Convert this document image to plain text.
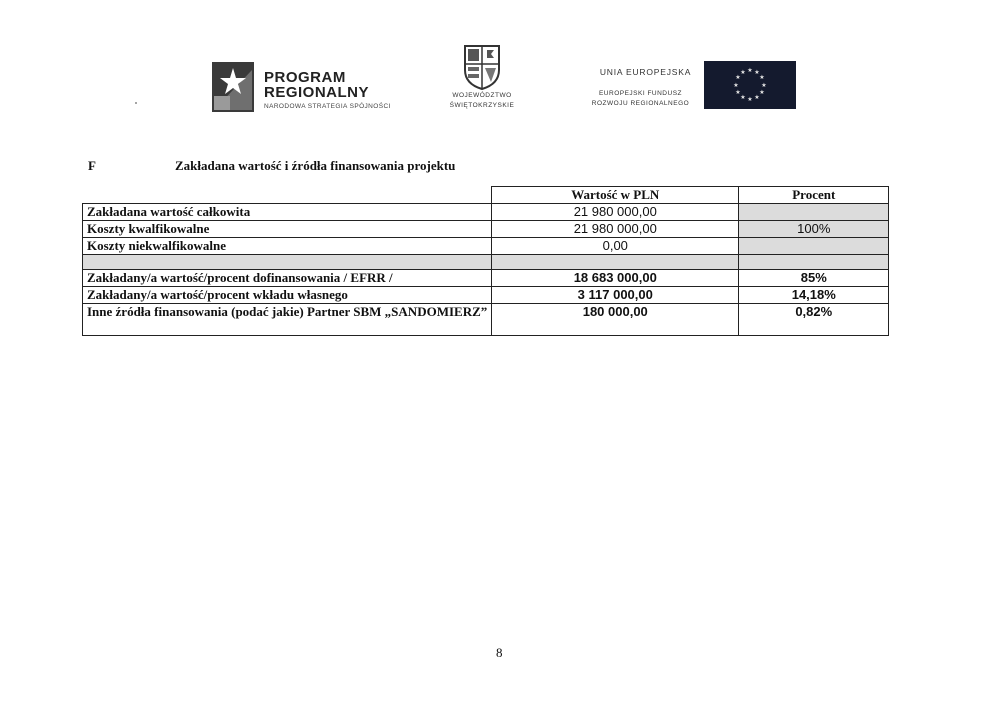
PROGRAM
REGIONALNY
NARODOWA STRATEGIA SPÓJNOŚCI
WOJEWÓDZTWO
ŚWIĘTOKRZYSKIE
UNIA EUROPEJSKA
EUROPEJSKI FUNDUSZ
ROZWOJU REGIONALNEGO
★ ★
★
★
★
★
★
★
★
★
★
★
F	Zakładana wartość i źródła finansowania projektu
	Wartość w PLN	Procent
Zakładana wartość całkowita	21 980 000,00	
Koszty kwalfikowalne	21 980 000,00	100%
Koszty niekwalfikowalne	0,00	

Zakładany/a wartość/procent dofinansowania / EFRR /	18 683 000,00	85%
Zakładany/a wartość/procent wkładu własnego	3 117 000,00	14,18%
Inne źródła finansowania (podać jakie) Partner SBM „SANDOMIERZ”	180 000,00	0,82%
8
